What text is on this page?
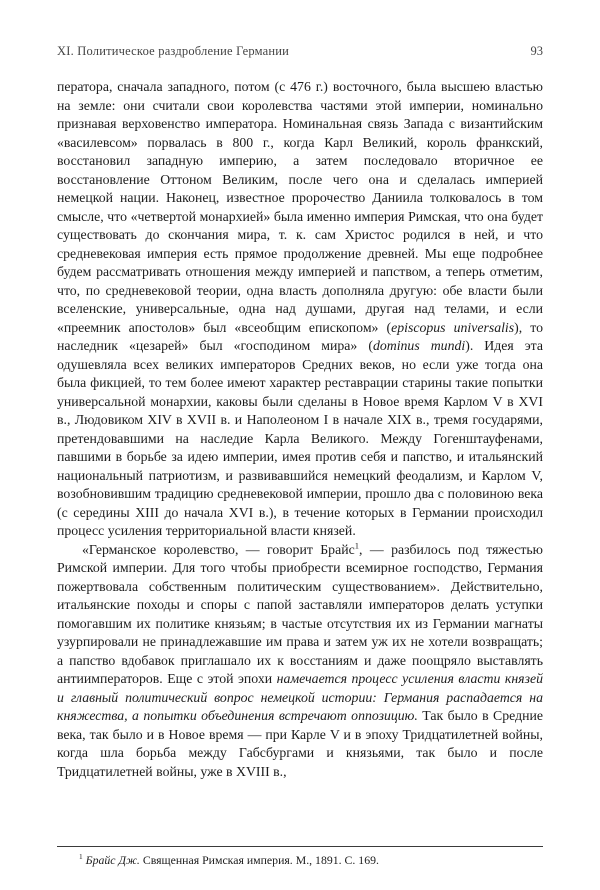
XI. Политическое раздробление Германии	93

ператора, сначала западного, потом (с 476 г.) восточного, была высшею властью на земле: они считали свои королевства частями этой империи, номинально признавая верховенство императора. Номинальная связь Запада с византийским «василевсом» порвалась в 800 г., когда Карл Великий, король франкский, восстановил западную империю, а затем последовало вторичное ее восстановление Оттоном Великим, после чего она и сделалась империей немецкой нации. Наконец, известное пророчество Даниила толковалось в том смысле, что «четвертой монархией» была именно империя Римская, что она будет существовать до скончания мира, т. к. сам Христос родился в ней, и что средневековая империя есть прямое продолжение древней. Мы еще подробнее будем рассматривать отношения между империей и папством, а теперь отметим, что, по средневековой теории, одна власть дополняла другую: обе власти были вселенские, универсальные, одна над душами, другая над телами, и если «преемник апостолов» был «всеобщим епископом» (episcopus universalis), то наследник «цезарей» был «господином мира» (dominus mundi). Идея эта одушевляла всех великих императоров Средних веков, но если уже тогда она была фикцией, то тем более имеют характер реставрации старины такие попытки универсальной монархии, каковы были сделаны в Новое время Карлом V в XVI в., Людовиком XIV в XVII в. и Наполеоном I в начале XIX в., тремя государями, претендовавшими на наследие Карла Великого. Между Гогенштауфенами, павшими в борьбе за идею империи, имея против себя и папство, и итальянский национальный патриотизм, и развивавшийся немецкий феодализм, и Карлом V, возобновившим традицию средневековой империи, прошло два с половиною века (с середины XIII до начала XVI в.), в течение которых в Германии происходил процесс усиления территориальной власти князей.

«Германское королевство, — говорит Брайс$^1$, — разбилось под тяжестью Римской империи. Для того чтобы приобрести всемирное господство, Германия пожертвовала собственным политическим существованием». Действительно, итальянские походы и споры с папой заставляли императоров делать уступки помогавшим их политике князьям; в частые отсутствия их из Германии магнаты узурпировали не принадлежавшие им права и затем уж их не хотели возвращать; а папство вдобавок приглашало их к восстаниям и даже поощряло выставлять антиимператоров. Еще с этой эпохи намечается процесс усиления власти князей и главный политический вопрос немецкой истории: Германия распадается на княжества, а попытки объединения встречают оппозицию. Так было в Средние века, так было и в Новое время — при Карле V и в эпоху Тридцатилетней войны, когда шла борьба между Габсбургами и князьями, так было и после Тридцатилетней войны, уже в XVIII в.,

$^1$ Брайс Дж. Священная Римская империя. М., 1891. С. 169.
